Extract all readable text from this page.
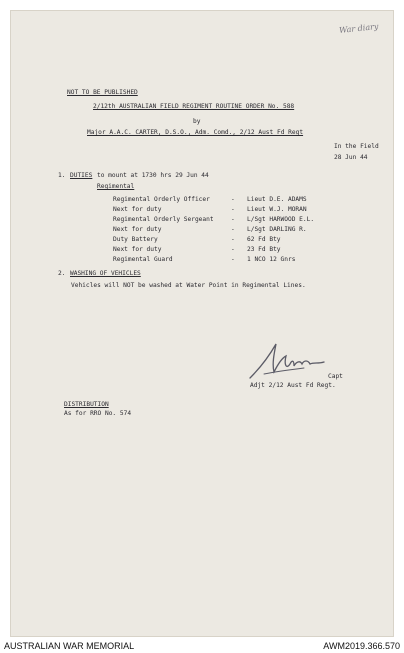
War diary
NOT TO BE PUBLISHED
2/12th AUSTRALIAN FIELD REGIMENT ROUTINE ORDER No. 588
by
Major A.A.C. CARTER, D.S.O., Adm. Comd., 2/12 Aust Fd Regt
In the Field
28 Jun 44
1. DUTIES to mount at 1730 hrs 29 Jun 44
Regimental
Regimental Orderly Officer	- Lieut D.E. ADAMS
Next for duty	- Lieut W.J. MORAN
Regimental Orderly Sergeant	- L/Sgt HARWOOD E.L.
Next for duty	- L/Sgt DARLING R.
Duty Battery	- 62 Fd Bty
Next for duty	- 23 Fd Bty
Regimental Guard	- 1 NCO 12 Gnrs
2. WASHING OF VEHICLES
Vehicles will NOT be washed at Water Point in Regimental Lines.
Capt
Adjt 2/12 Aust Fd Regt.
DISTRIBUTION
As for RRO No. 574
AUSTRALIAN WAR MEMORIAL	AWM2019.366.570
